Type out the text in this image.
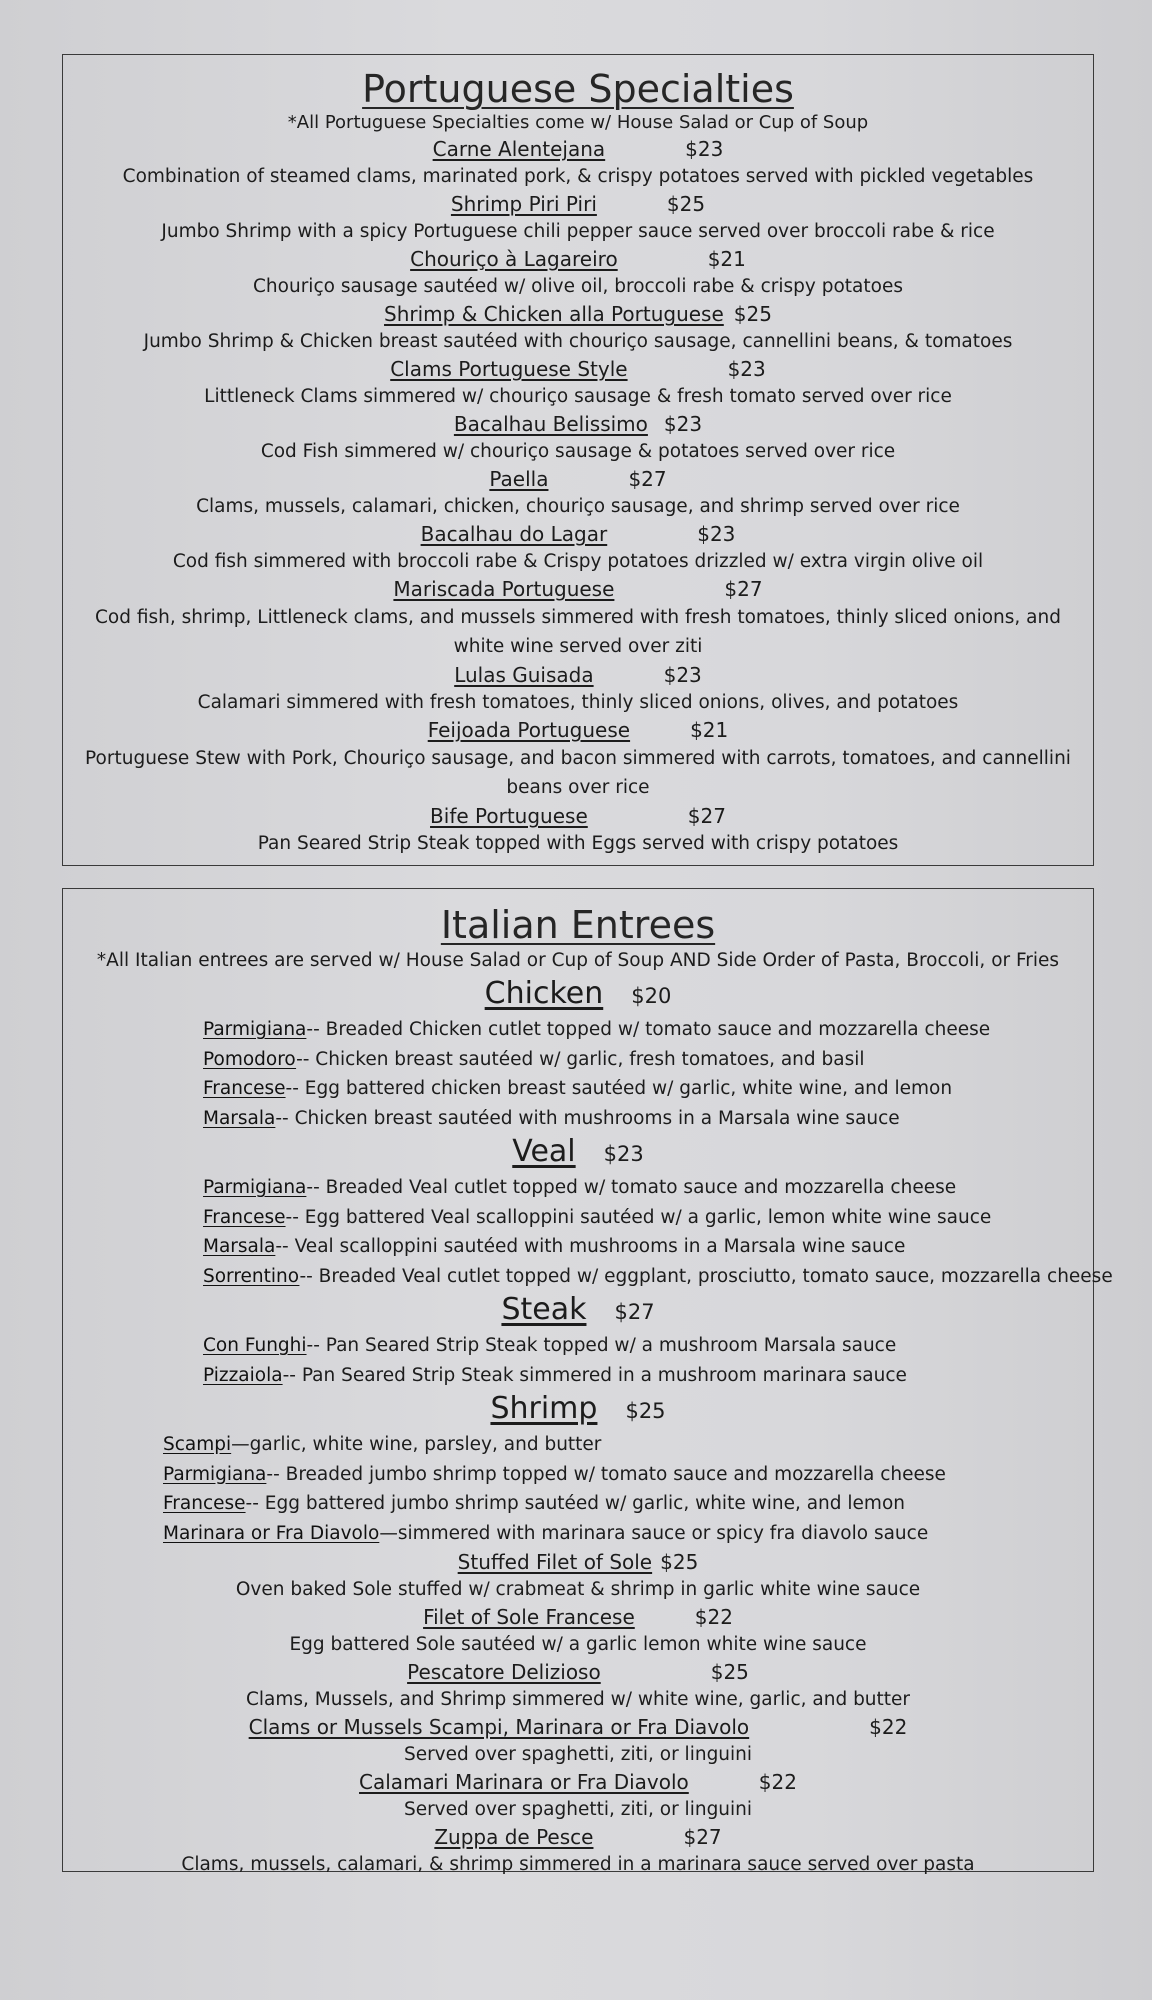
Portuguese Specialties
*All Portuguese Specialties come w/ House Salad or Cup of Soup
Carne Alentejana	$23
Combination of steamed clams, marinated pork, & crispy potatoes served with pickled vegetables
Shrimp Piri Piri	$25
Jumbo Shrimp with a spicy Portuguese chili pepper sauce served over broccoli rabe & rice
Chouriço à Lagareiro	$21
Chouriço sausage sautéed w/ olive oil, broccoli rabe & crispy potatoes
Shrimp & Chicken alla Portuguese $25
Jumbo Shrimp & Chicken breast sautéed with chouriço sausage, cannellini beans, & tomatoes
Clams Portuguese Style	$23
Littleneck Clams simmered w/ chouriço sausage & fresh tomato served over rice
Bacalhau Belissimo $23
Cod Fish simmered w/ chouriço sausage & potatoes served over rice
Paella	$27
Clams, mussels, calamari, chicken, chouriço sausage, and shrimp served over rice
Bacalhau do Lagar	$23
Cod fish simmered with broccoli rabe & Crispy potatoes drizzled w/ extra virgin olive oil
Mariscada Portuguese	$27
Cod fish, shrimp, Littleneck clams, and mussels simmered with fresh tomatoes, thinly sliced onions, and white wine served over ziti
Lulas Guisada	$23
Calamari simmered with fresh tomatoes, thinly sliced onions, olives, and potatoes
Feijoada Portuguese	$21
Portuguese Stew with Pork, Chouriço sausage, and bacon simmered with carrots, tomatoes, and cannellini beans over rice
Bife Portuguese	$27
Pan Seared Strip Steak topped with Eggs served with crispy potatoes
Italian Entrees
*All Italian entrees are served w/ House Salad or Cup of Soup AND Side Order of Pasta, Broccoli, or Fries
Chicken $20
Parmigiana-- Breaded Chicken cutlet topped w/ tomato sauce and mozzarella cheese
Pomodoro-- Chicken breast sautéed w/ garlic, fresh tomatoes, and basil
Francese-- Egg battered chicken breast sautéed w/ garlic, white wine, and lemon
Marsala-- Chicken breast sautéed with mushrooms in a Marsala wine sauce
Veal $23
Parmigiana-- Breaded Veal cutlet topped w/ tomato sauce and mozzarella cheese
Francese-- Egg battered Veal scalloppini sautéed w/ a garlic, lemon white wine sauce
Marsala-- Veal scalloppini sautéed with mushrooms in a Marsala wine sauce
Sorrentino-- Breaded Veal cutlet topped w/ eggplant, prosciutto, tomato sauce, mozzarella cheese
Steak $27
Con Funghi-- Pan Seared Strip Steak topped w/ a mushroom Marsala sauce
Pizzaiola-- Pan Seared Strip Steak simmered in a mushroom marinara sauce
Shrimp $25
Scampi—garlic, white wine, parsley, and butter
Parmigiana-- Breaded jumbo shrimp topped w/ tomato sauce and mozzarella cheese
Francese-- Egg battered jumbo shrimp sautéed w/ garlic, white wine, and lemon
Marinara or Fra Diavolo—simmered with marinara sauce or spicy fra diavolo sauce
Stuffed Filet of Sole $25
Oven baked Sole stuffed w/ crabmeat & shrimp in garlic white wine sauce
Filet of Sole Francese	$22
Egg battered Sole sautéed w/ a garlic lemon white wine sauce
Pescatore Delizioso	$25
Clams, Mussels, and Shrimp simmered w/ white wine, garlic, and butter
Clams or Mussels Scampi, Marinara or Fra Diavolo	$22
Served over spaghetti, ziti, or linguini
Calamari Marinara or Fra Diavolo	$22
Served over spaghetti, ziti, or linguini
Zuppa de Pesce	$27
Clams, mussels, calamari, & shrimp simmered in a marinara sauce served over pasta
